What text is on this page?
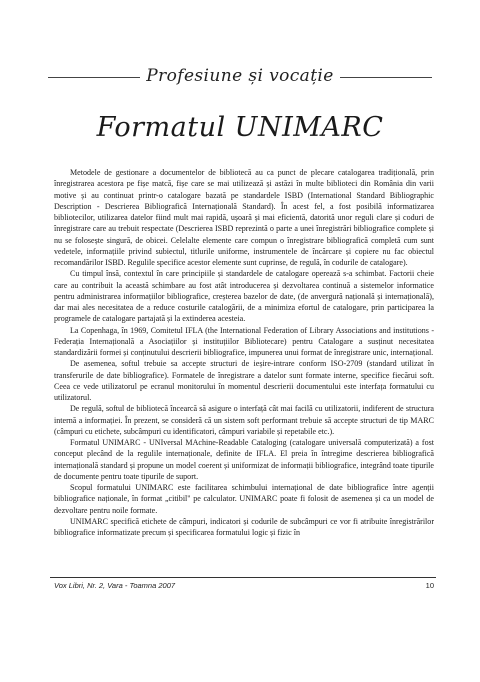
Profesiune și vocație
Formatul UNIMARC

Metodele de gestionare a documentelor de bibliotecă au ca punct de plecare catalogarea tradițională, prin înregistrarea acestora pe fișe matcă, fișe care se mai utilizează și astăzi în multe biblioteci din România din varii motive și au continuat printr-o catalogare bazată pe standardele ISBD (International Standard Bibliographic Description - Descrierea Bibliografică Internațională Standard). În acest fel, a fost posibilă informatizarea bibliotecilor, utilizarea datelor fiind mult mai rapidă, ușoară și mai eficientă, datorită unor reguli clare și coduri de înregistrare care au trebuit respectate (Descrierea ISBD reprezintă o parte a unei înregistrări bibliografice complete și nu se folosește singură, de obicei. Celelalte elemente care compun o înregistrare bibliografică completă cum sunt vedetele, informațiile privind subiectul, titlurile uniforme, instrumentele de încărcare și copiere nu fac obiectul recomandărilor ISBD. Regulile specifice acestor elemente sunt cuprinse, de regulă, în codurile de catalogare).

Cu timpul însă, contextul în care principiile și standardele de catalogare operează s-a schimbat. Factorii cheie care au contribuit la această schimbare au fost atât introducerea și dezvoltarea continuă a sistemelor informatice pentru administrarea informațiilor bibliografice, creșterea bazelor de date, (de anvergură națională și internațională), dar mai ales necesitatea de a reduce costurile catalogării, de a minimiza efortul de catalogare, prin participarea la programele de catalogare partajată și la extinderea acesteia.

La Copenhaga, în 1969, Comitetul IFLA (the International Federation of Library Associations and institutions - Federația Internațională a Asociațiilor și instituțiilor Bibliotecare) pentru Catalogare a susținut necesitatea standardizării formei și conținutului descrierii bibliografice, impunerea unui format de înregistrare unic, internațional.

De asemenea, softul trebuie sa accepte structuri de ieșire-intrare conform ISO-2709 (standard utilizat în transferurile de date bibliografice). Formatele de înregistrare a datelor sunt formate interne, specifice fiecărui soft. Ceea ce vede utilizatorul pe ecranul monitorului în momentul descrierii documentului este interfața formatului cu utilizatorul.

De regulă, softul de bibliotecă încearcă să asigure o interfață cât mai facilă cu utilizatorii, indiferent de structura internă a informației. În prezent, se consideră că un sistem soft performant trebuie să accepte structuri de tip MARC (câmpuri cu etichete, subcâmpuri cu identificatori, câmpuri variabile și repetabile etc.).

Formatul UNIMARC - UNIversal MAchine-Readable Cataloging (catalogare universală computerizată) a fost conceput plecând de la regulile internaționale, definite de IFLA. El preia în întregime descrierea bibliografică internațională standard și propune un model coerent și uniformizat de informații bibliografice, integrând toate tipurile de documente pentru toate tipurile de suport.

Scopul formatului UNIMARC este facilitarea schimbului internațional de date bibliografice între agenții bibliografice naționale, în format „citibil" pe calculator. UNIMARC poate fi folosit de asemenea și ca un model de dezvoltare pentru noile formate.

UNIMARC specifică etichete de câmpuri, indicatori și codurile de subcâmpuri ce vor fi atribuite înregistrărilor bibliografice informatizate precum și specificarea formatului logic și fizic în

Vox Libri, Nr. 2, Vara - Toamna 2007	10
